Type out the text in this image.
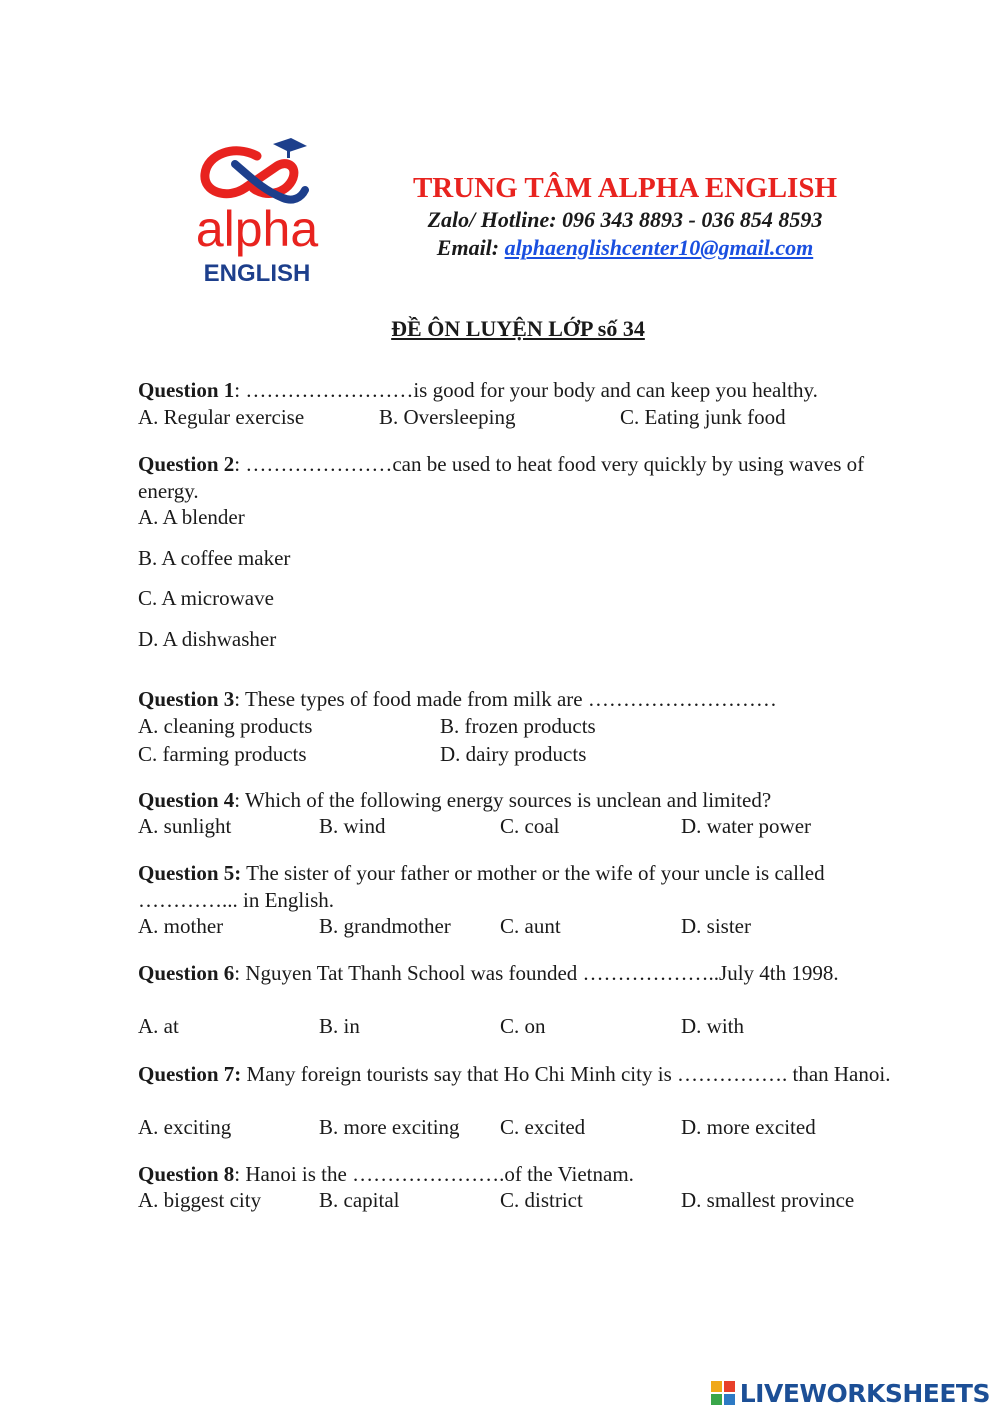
alpha
ENGLISH
TRUNG TÂM ALPHA ENGLISH
Zalo/ Hotline: 096 343 8893 - 036 854 8593
Email: alphaenglishcenter10@gmail.com
ĐỀ ÔN LUYỆN LỚP số 34
Question 1: ……………………is good for your body and can keep you healthy.
A. Regular exercise	B. Oversleeping	C. Eating junk food
Question 2: …………………can be used to heat food very quickly by using waves of energy.
A. A blender
B. A coffee maker
C. A microwave
D. A dishwasher
Question 3: These types of food made from milk are ………………………
A. cleaning products	B. frozen products
C. farming products	D. dairy products
Question 4: Which of the following energy sources is unclean and limited?
A. sunlight	B. wind	C. coal	D. water power
Question 5: The sister of your father or mother or the wife of your uncle is called …………... in English.
A. mother	B. grandmother C. aunt	D. sister
Question 6: Nguyen Tat Thanh School was founded ………………..July 4th 1998.
A. at	B. in	C. on	D. with
Question 7: Many foreign tourists say that Ho Chi Minh city is ……………. than Hanoi.
A. exciting	B. more exciting C. excited	D. more excited
Question 8: Hanoi is the ………………….of the Vietnam.
A. biggest city	B. capital	C. district	D. smallest province
LIVEWORKSHEETS
